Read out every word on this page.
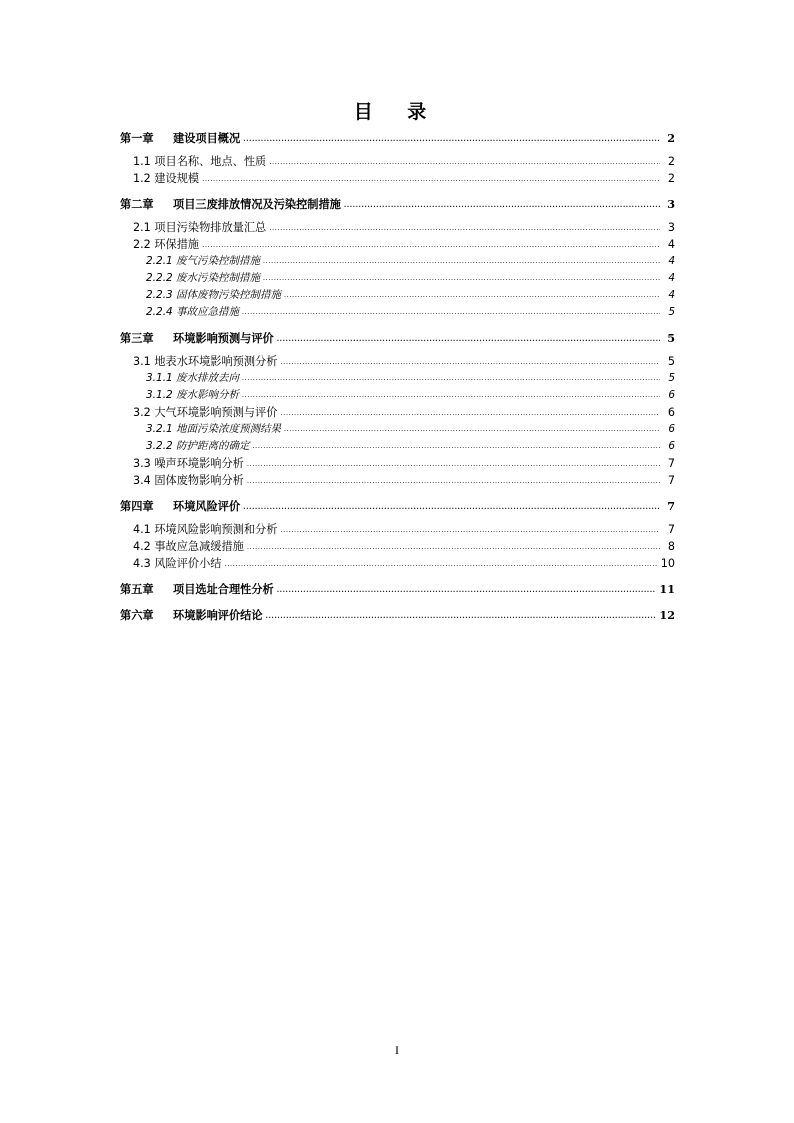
目 录
第一章 建设项目概况 .....	2
1.1 项目名称、地点、性质 .....	2
1.2 建设规模 .....	2
第二章 项目三废排放情况及污染控制措施 .....	3
2.1 项目污染物排放量汇总 .....	3
2.2 环保措施 .....	4
2.2.1 废气污染控制措施 .....	4
2.2.2 废水污染控制措施 .....	4
2.2.3 固体废物污染控制措施 .....	4
2.2.4 事故应急措施 .....	5
第三章 环境影响预测与评价 .....	5
3.1 地表水环境影响预测分析 .....	5
3.1.1 废水排放去向 .....	5
3.1.2 废水影响分析 .....	6
3.2 大气环境影响预测与评价 .....	6
3.2.1 地面污染浓度预测结果 .....	6
3.2.2 防护距离的确定 .....	6
3.3 噪声环境影响分析 .....	7
3.4 固体废物影响分析 .....	7
第四章 环境风险评价 .....	7
4.1 环境风险影响预测和分析 .....	7
4.2 事故应急减缓措施 .....	8
4.3 风险评价小结 .....	10
第五章 项目选址合理性分析 .....	11
第六章 环境影响评价结论 .....	12
I
